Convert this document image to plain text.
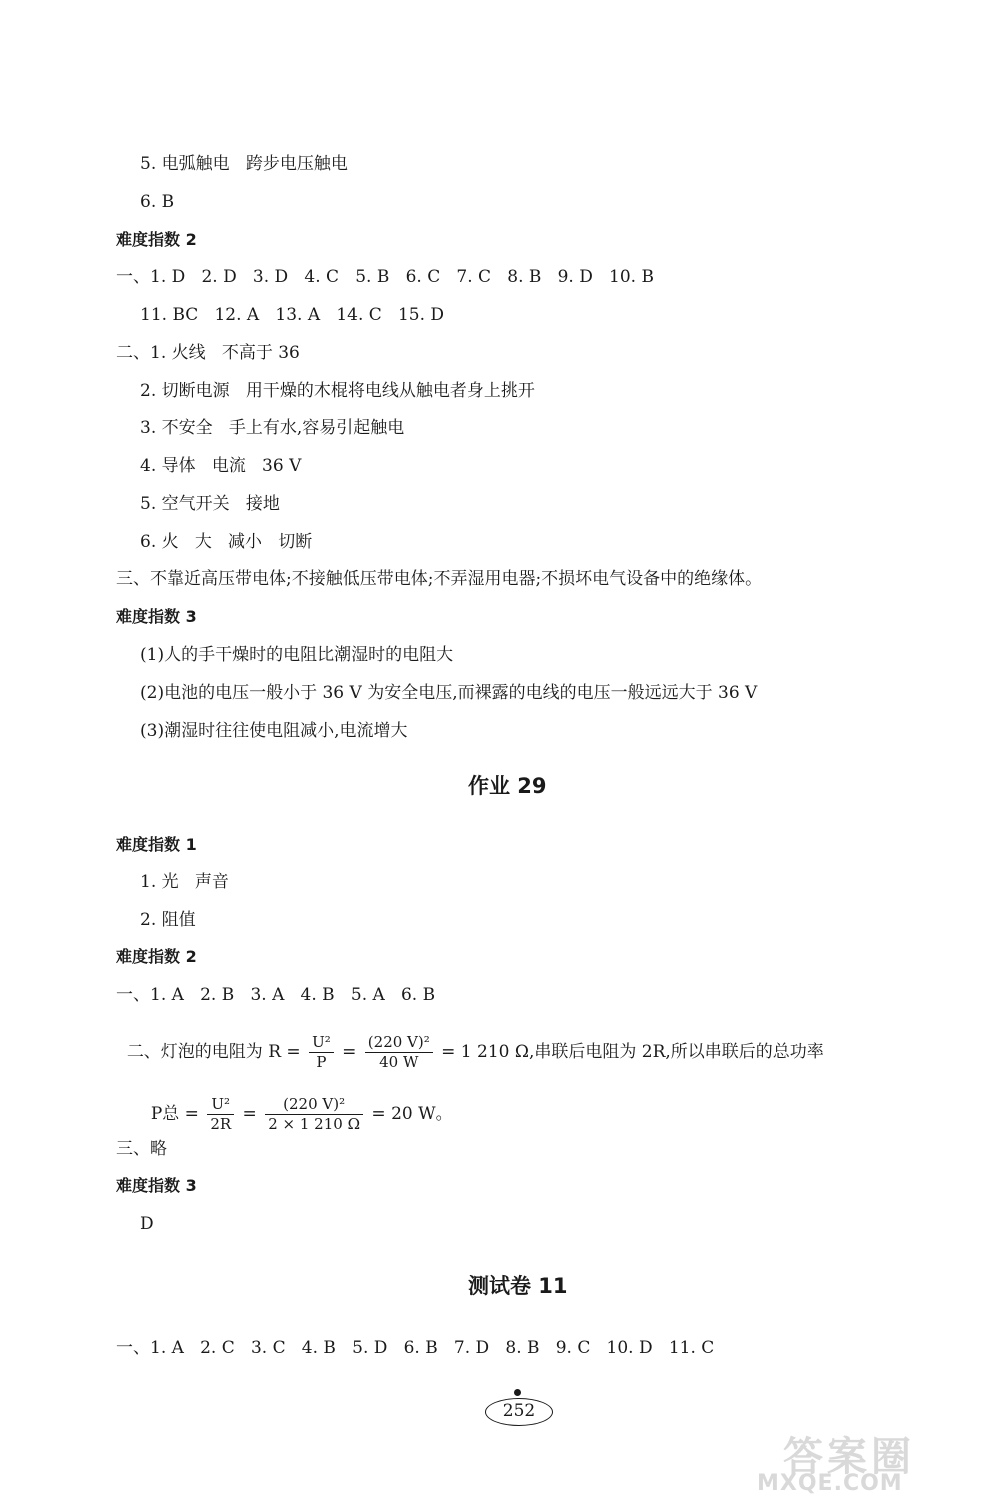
5. 电弧触电   跨步电压触电
6. B
难度指数 2
一、1. D   2. D   3. D   4. C   5. B   6. C   7. C   8. B   9. D   10. B
11. BC   12. A   13. A   14. C   15. D
二、1. 火线   不高于 36
2. 切断电源   用干燥的木棍将电线从触电者身上挑开
3. 不安全   手上有水,容易引起触电
4. 导体   电流   36 V
5. 空气开关   接地
6. 火   大   减小   切断
三、不靠近高压带电体;不接触低压带电体;不弄湿用电器;不损坏电气设备中的绝缘体。
难度指数 3
(1)人的手干燥时的电阻比潮湿时的电阻大
(2)电池的电压一般小于 36 V 为安全电压,而裸露的电线的电压一般远远大于 36 V
(3)潮湿时往往使电阻减小,电流增大
作业 29
难度指数 1
1. 光   声音
2. 阻值
难度指数 2
一、1. A   2. B   3. A   4. B   5. A   6. B

二、灯泡的电阻为 $R = \frac{\text{U²}}{P} = \frac{\text{(220 V)²}}{40 W} = 1$ 210 Ω,串联后电阻为 2R,所以串联后的总功率

P总 = $\frac{\text{U²}}{2R} = \frac{\text{(220 V)²}}{2 \times 1 210 \Omega} = 20$ W。

三、略
难度指数 3
D
测试卷 11
一、1. A   2. C   3. C   4. B   5. D   6. B   7. D   8. B   9. C   10. D   11. C
252
答案圈
MXQE.COM
